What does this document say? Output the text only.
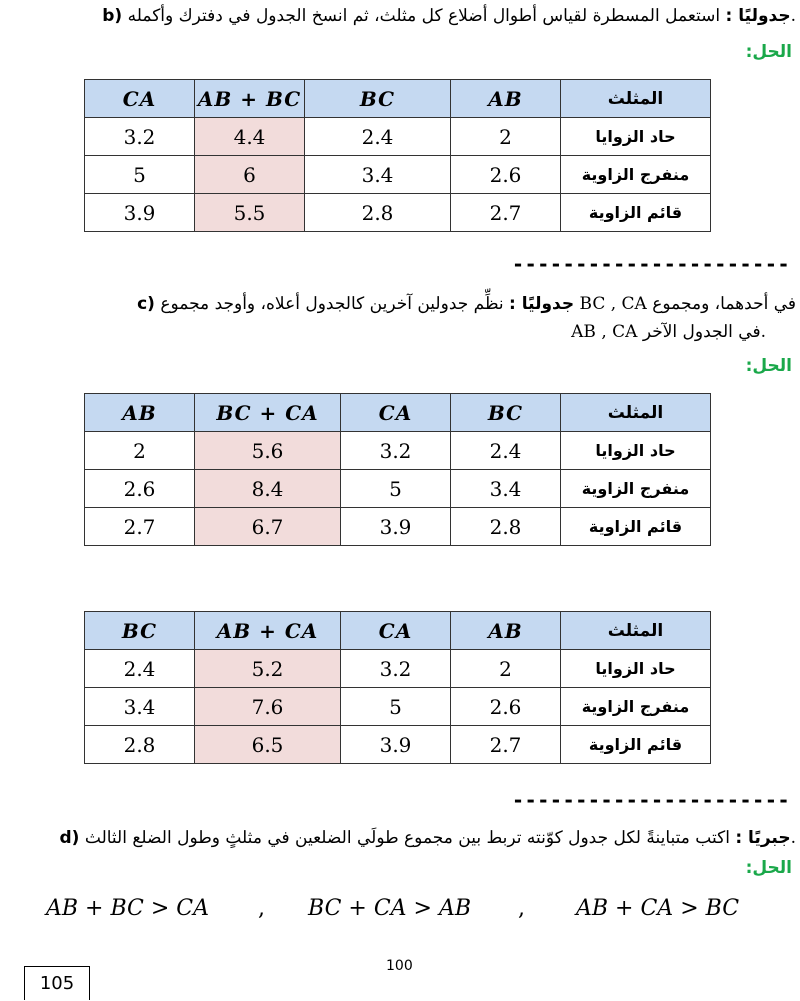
b)	جدوليًا : استعمل المسطرة لقياس أطوال أضلاع كل مثلث، ثم انسخ الجدول في دفترك وأكمله.
الحل:
CA	AB + BC	BC	AB	المثلث
3.2	4.4	2.4	2	حاد الزوايا
5	6	3.4	2.6	منفرج الزاوية
3.9	5.5	2.8	2.7	قائم الزاوية
----------------------
c)	جدوليًا : نظِّم جدولين آخرين كالجدول أعلاه، وأوجد مجموع BC , CA في أحدهما، ومجموع
AB , CA في الجدول الآخر.
الحل:
AB	BC + CA	CA	BC	المثلث
2	5.6	3.2	2.4	حاد الزوايا
2.6	8.4	5	3.4	منفرج الزاوية
2.7	6.7	3.9	2.8	قائم الزاوية
BC	AB + CA	CA	AB	المثلث
2.4	5.2	3.2	2	حاد الزوايا
3.4	7.6	5	2.6	منفرج الزاوية
2.8	6.5	3.9	2.7	قائم الزاوية
----------------------
d)	جبريًا : اكتب متباينةً لكل جدول كوّنته تربط بين مجموع طولَي الضلعين في مثلثٍ وطول الضلع الثالث.
الحل:
AB + BC > CA , BC + CA > AB , AB + CA > BC
100
105
